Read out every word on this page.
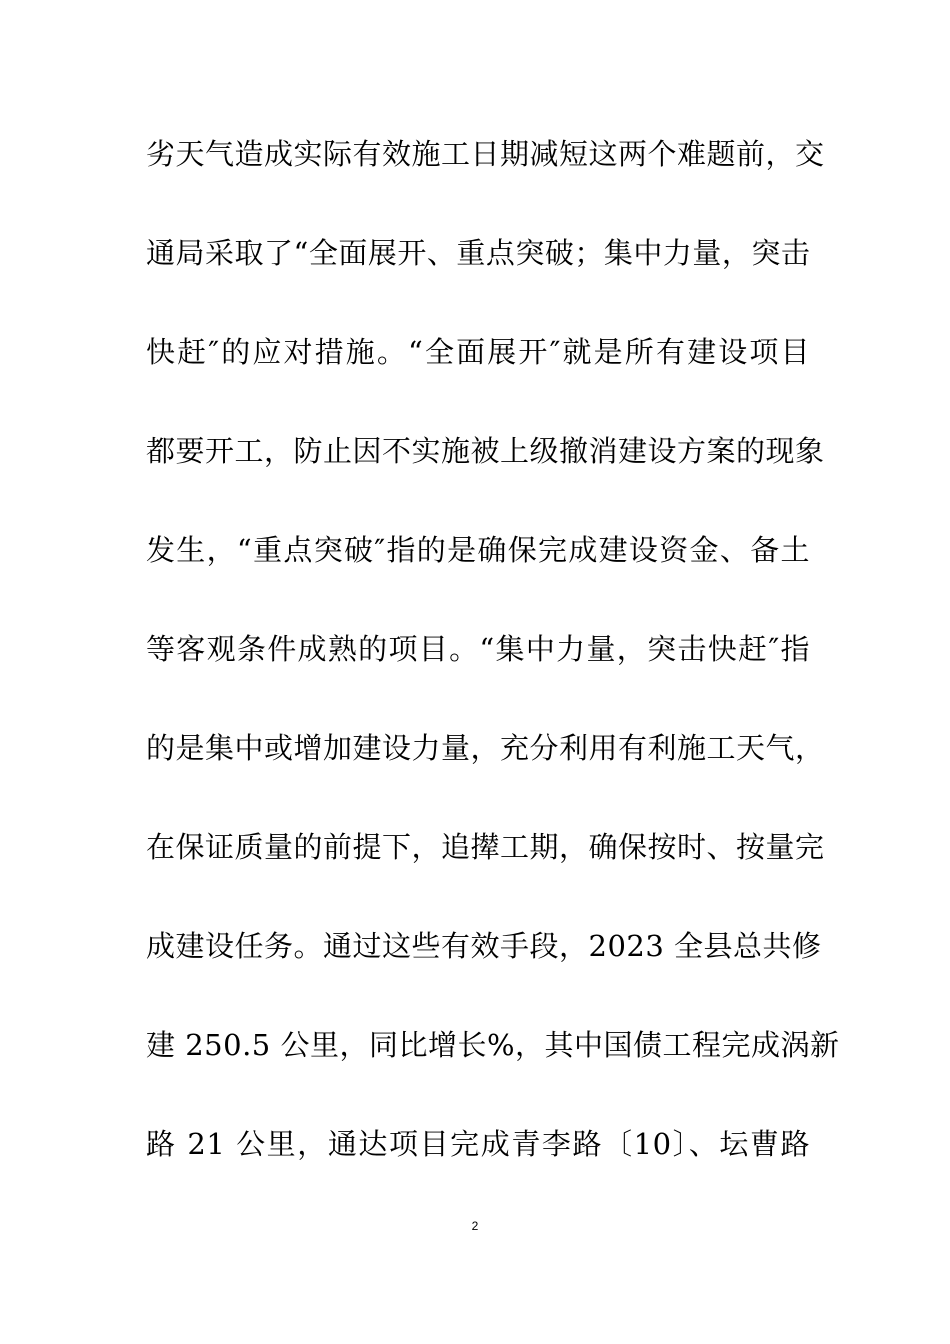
劣天气造成实际有效施工日期减短这两个难题前，交
通局采取了“全面展开、重点突破；集中力量，突击
快赶″的应对措施。“全面展开″就是所有建设项目
都要开工，防止因不实施被上级撤消建设方案的现象
发生，“重点突破″指的是确保完成建设资金、备土
等客观条件成熟的项目。“集中力量，突击快赶″指
的是集中或增加建设力量，充分利用有利施工天气，
在保证质量的前提下，追撵工期，确保按时、按量完
成建设任务。通过这些有效手段，2023 全县总共修
建 250.5 公里，同比增长%，其中国债工程完成涡新
路 21 公里，通达项目完成青李路〔10〕、坛曹路
2
